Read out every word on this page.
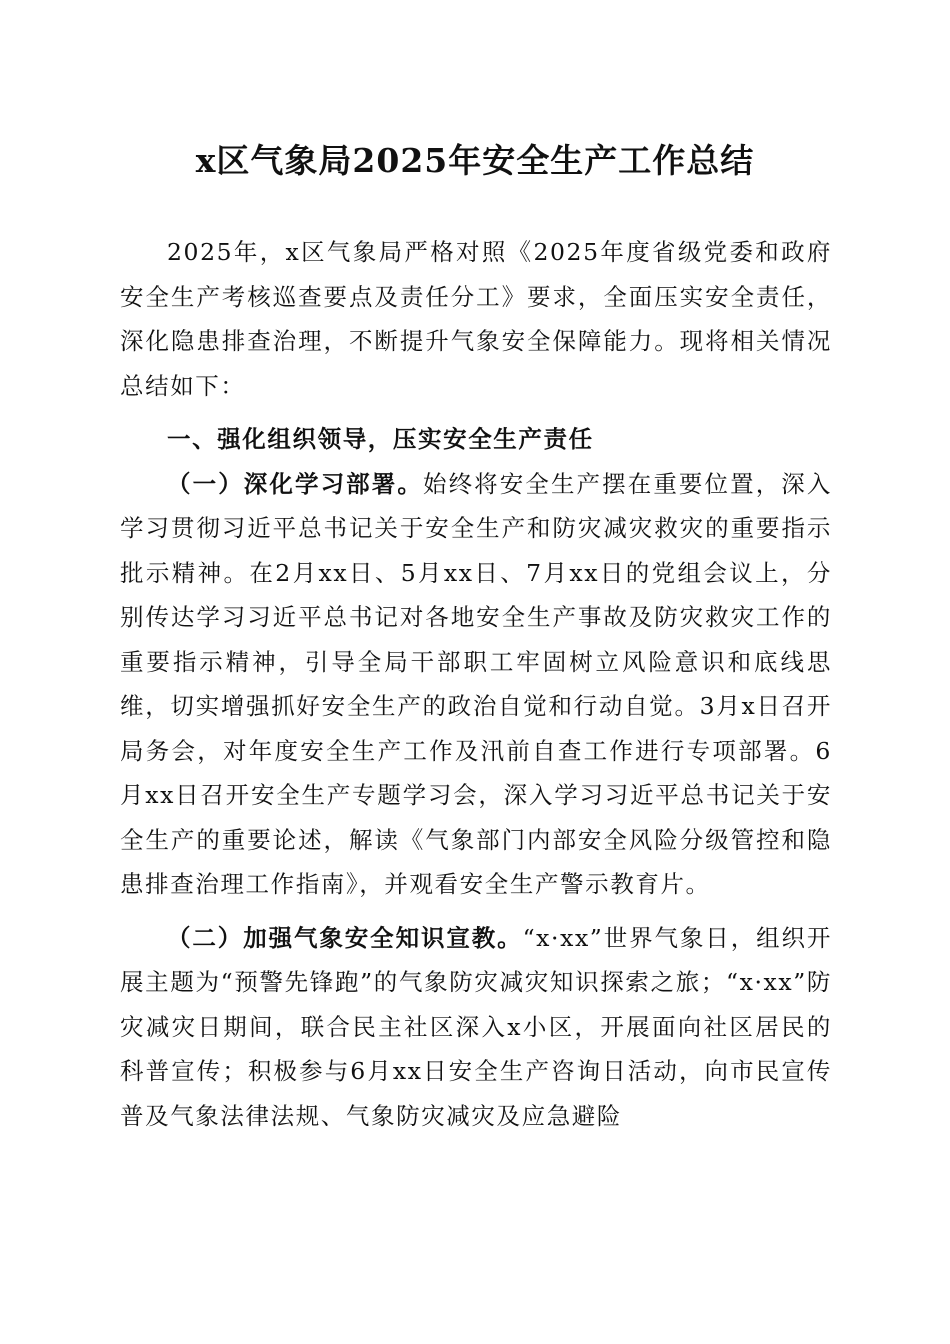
x区气象局2025年安全生产工作总结

2025年，x区气象局严格对照《2025年度省级党委和政府安全生产考核巡查要点及责任分工》要求，全面压实安全责任，深化隐患排查治理，不断提升气象安全保障能力。现将相关情况总结如下：

一、强化组织领导，压实安全生产责任

（一）深化学习部署。始终将安全生产摆在重要位置，深入学习贯彻习近平总书记关于安全生产和防灾减灾救灾的重要指示批示精神。在2月xx日、5月xx日、7月xx日的党组会议上，分别传达学习习近平总书记对各地安全生产事故及防灾救灾工作的重要指示精神，引导全局干部职工牢固树立风险意识和底线思维，切实增强抓好安全生产的政治自觉和行动自觉。3月x日召开局务会，对年度安全生产工作及汛前自查工作进行专项部署。6月xx日召开安全生产专题学习会，深入学习习近平总书记关于安全生产的重要论述，解读《气象部门内部安全风险分级管控和隐患排查治理工作指南》，并观看安全生产警示教育片。

（二）加强气象安全知识宣教。“x·xx”世界气象日，组织开展主题为“预警先锋跑”的气象防灾减灾知识探索之旅；“x·xx”防灾减灾日期间，联合民主社区深入x小区，开展面向社区居民的科普宣传；积极参与6月xx日安全生产咨询日活动，向市民宣传普及气象法律法规、气象防灾减灾及应急避险
